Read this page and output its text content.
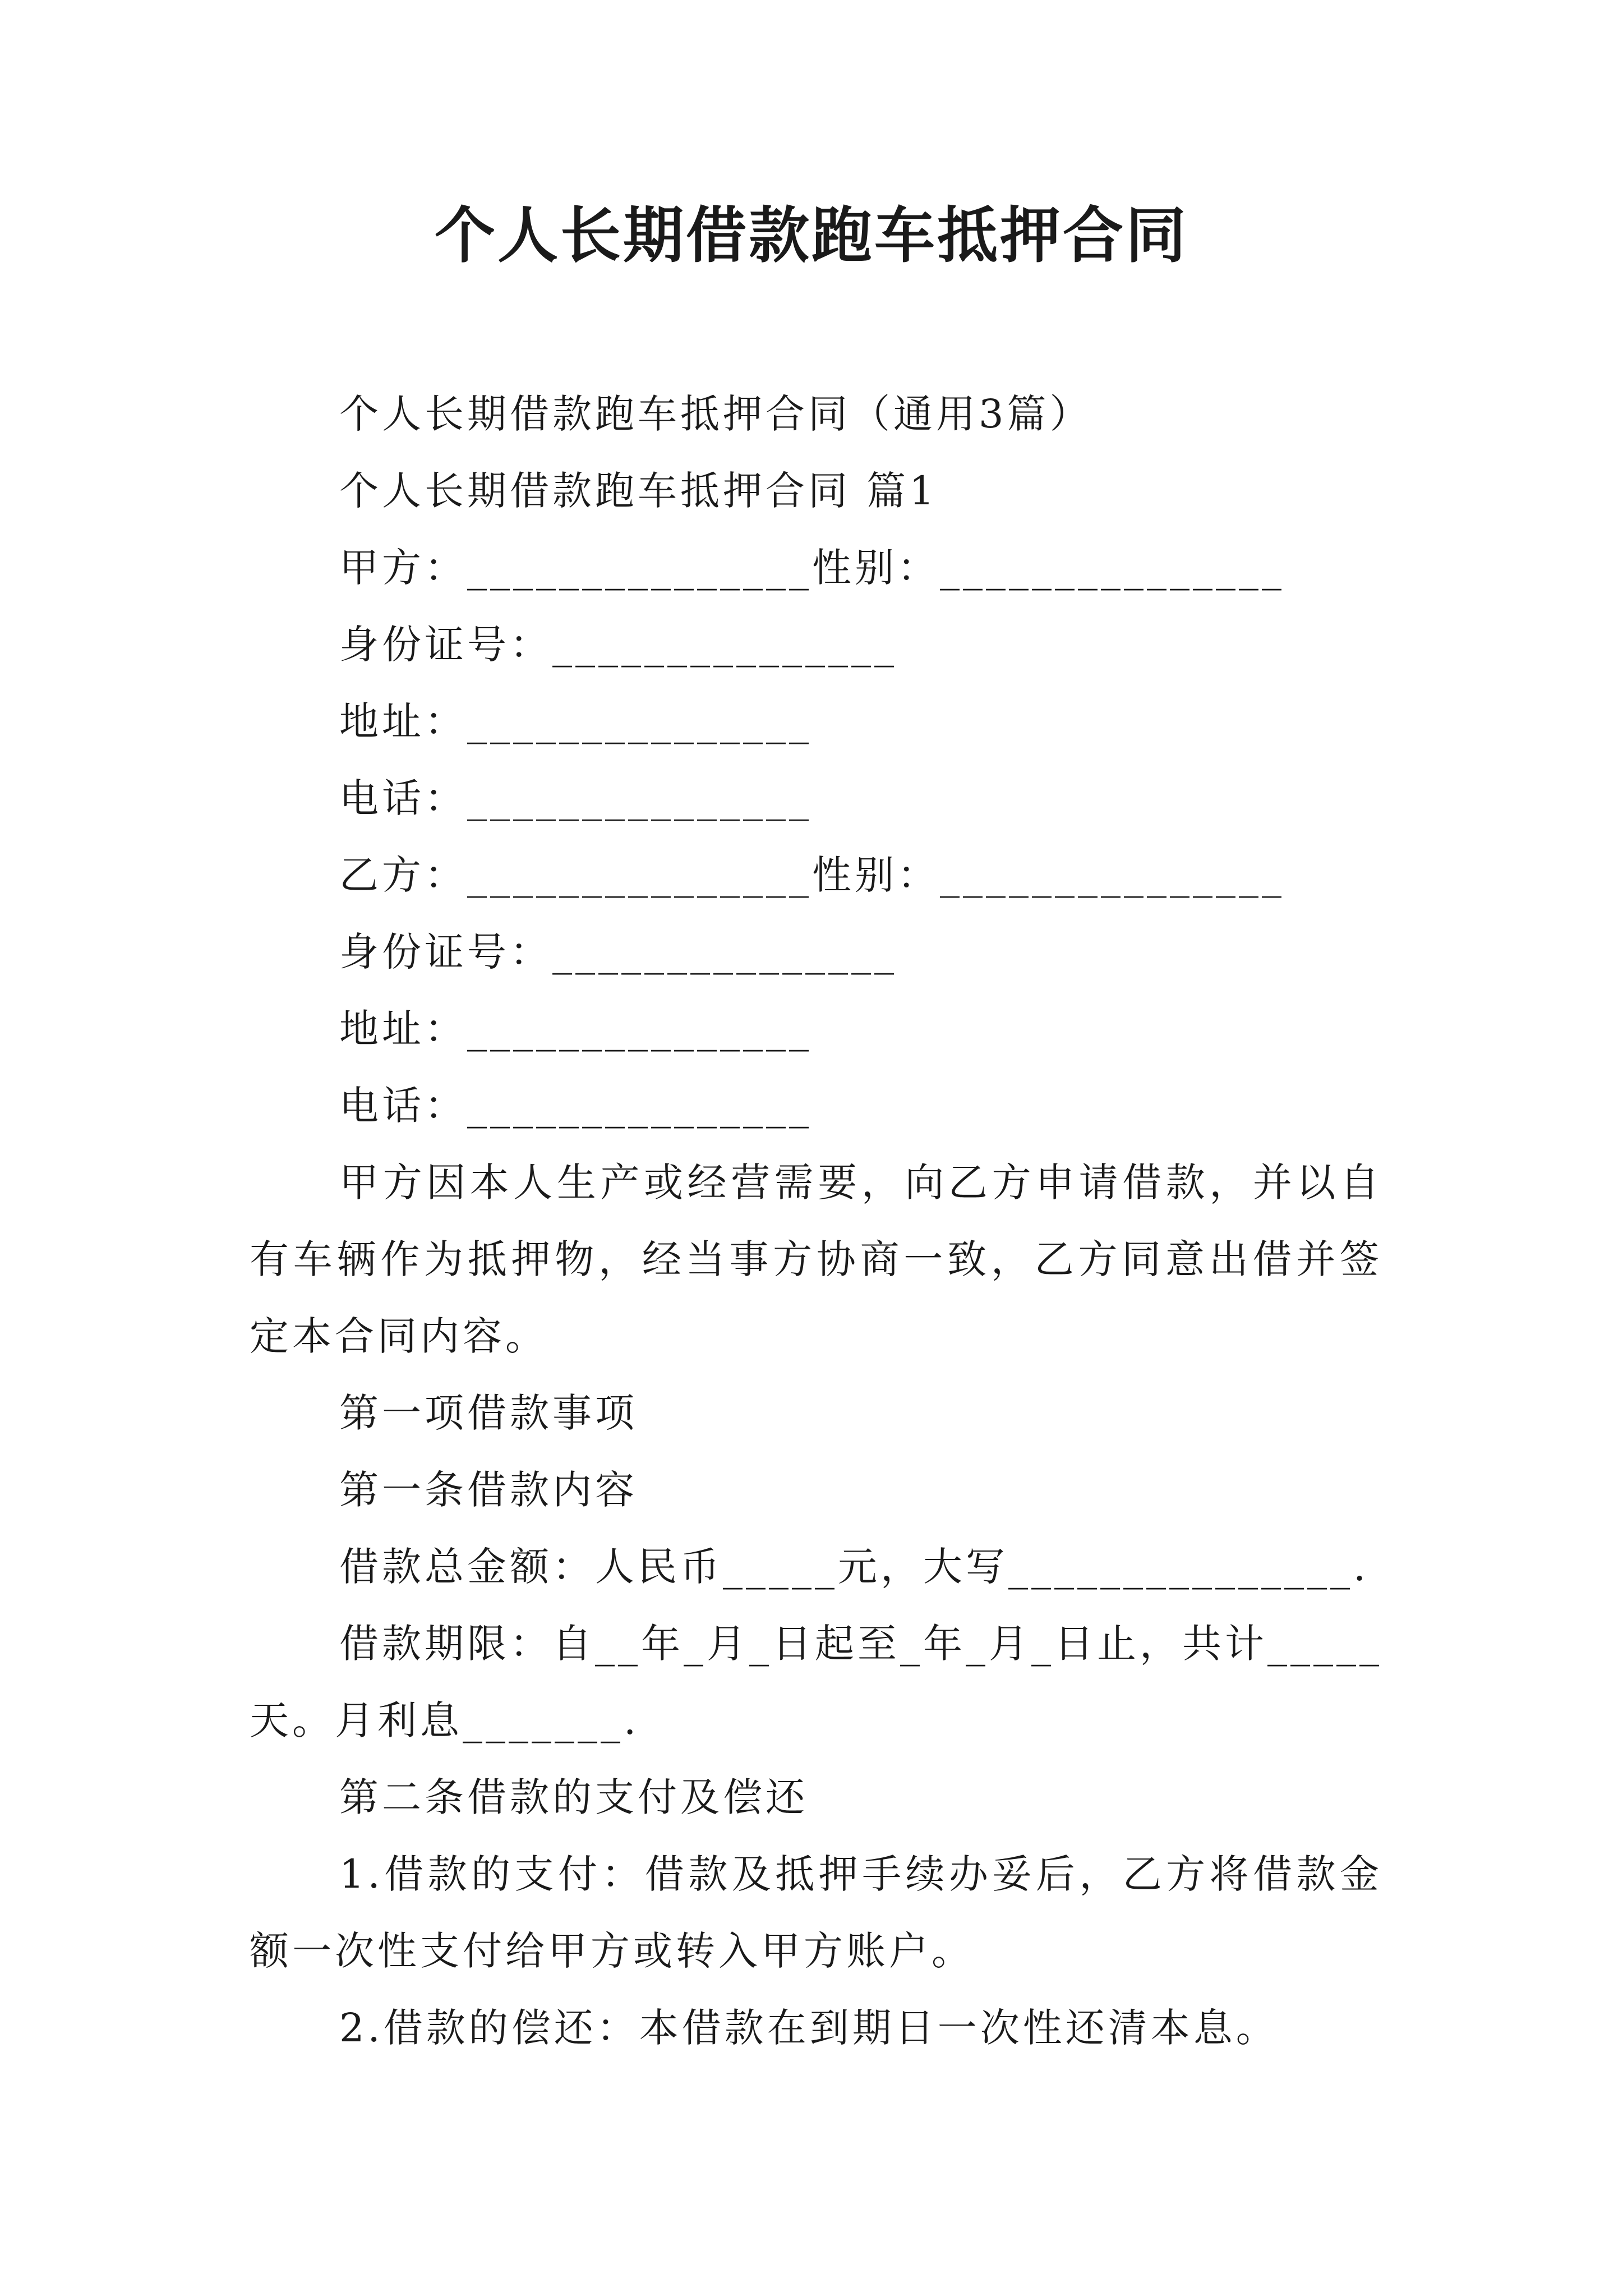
个人长期借款跑车抵押合同

个人长期借款跑车抵押合同（通用3篇）

个人长期借款跑车抵押合同 篇1

甲方：_______________性别：_______________

身份证号：_______________

地址：_______________

电话：_______________

乙方：_______________性别：_______________

身份证号：_______________

地址：_______________

电话：_______________

甲方因本人生产或经营需要，向乙方申请借款，并以自有车辆作为抵押物，经当事方协商一致，乙方同意出借并签定本合同内容。

第一项借款事项

第一条借款内容

借款总金额：人民币_____元，大写_______________.

借款期限：自__年_月_日起至_年_月_日止，共计_____天。月利息_______.

第二条借款的支付及偿还

1.借款的支付：借款及抵押手续办妥后，乙方将借款金额一次性支付给甲方或转入甲方账户。

2.借款的偿还：本借款在到期日一次性还清本息。
